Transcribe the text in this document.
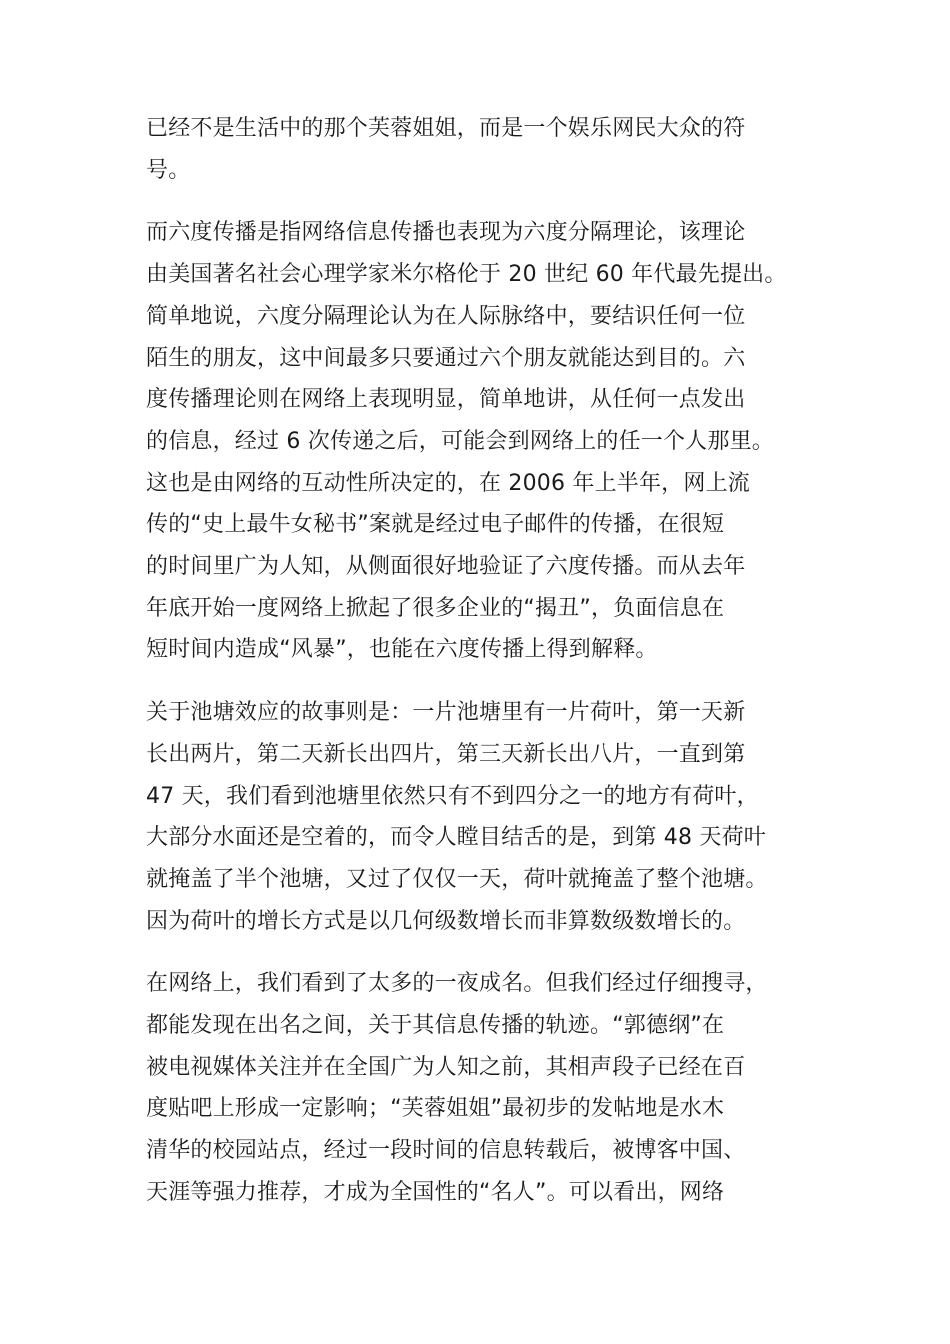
已经不是生活中的那个芙蓉姐姐，而是一个娱乐网民大众的符
号。

而六度传播是指网络信息传播也表现为六度分隔理论，该理论
由美国著名社会心理学家米尔格伦于 20 世纪 60 年代最先提出。
简单地说，六度分隔理论认为在人际脉络中，要结识任何一位
陌生的朋友，这中间最多只要通过六个朋友就能达到目的。六
度传播理论则在网络上表现明显，简单地讲，从任何一点发出
的信息，经过 6 次传递之后，可能会到网络上的任一个人那里。
这也是由网络的互动性所决定的，在 2006 年上半年，网上流
传的“史上最牛女秘书”案就是经过电子邮件的传播，在很短
的时间里广为人知，从侧面很好地验证了六度传播。而从去年
年底开始一度网络上掀起了很多企业的“揭丑”，负面信息在
短时间内造成“风暴”，也能在六度传播上得到解释。

关于池塘效应的故事则是：一片池塘里有一片荷叶，第一天新
长出两片，第二天新长出四片，第三天新长出八片，一直到第
47 天，我们看到池塘里依然只有不到四分之一的地方有荷叶，
大部分水面还是空着的，而令人瞠目结舌的是，到第 48 天荷叶
就掩盖了半个池塘，又过了仅仅一天，荷叶就掩盖了整个池塘。
因为荷叶的增长方式是以几何级数增长而非算数级数增长的。

在网络上，我们看到了太多的一夜成名。但我们经过仔细搜寻，
都能发现在出名之间，关于其信息传播的轨迹。“郭德纲”在
被电视媒体关注并在全国广为人知之前，其相声段子已经在百
度贴吧上形成一定影响；“芙蓉姐姐”最初步的发帖地是水木
清华的校园站点，经过一段时间的信息转载后，被博客中国、
天涯等强力推荐，才成为全国性的“名人”。可以看出，网络
